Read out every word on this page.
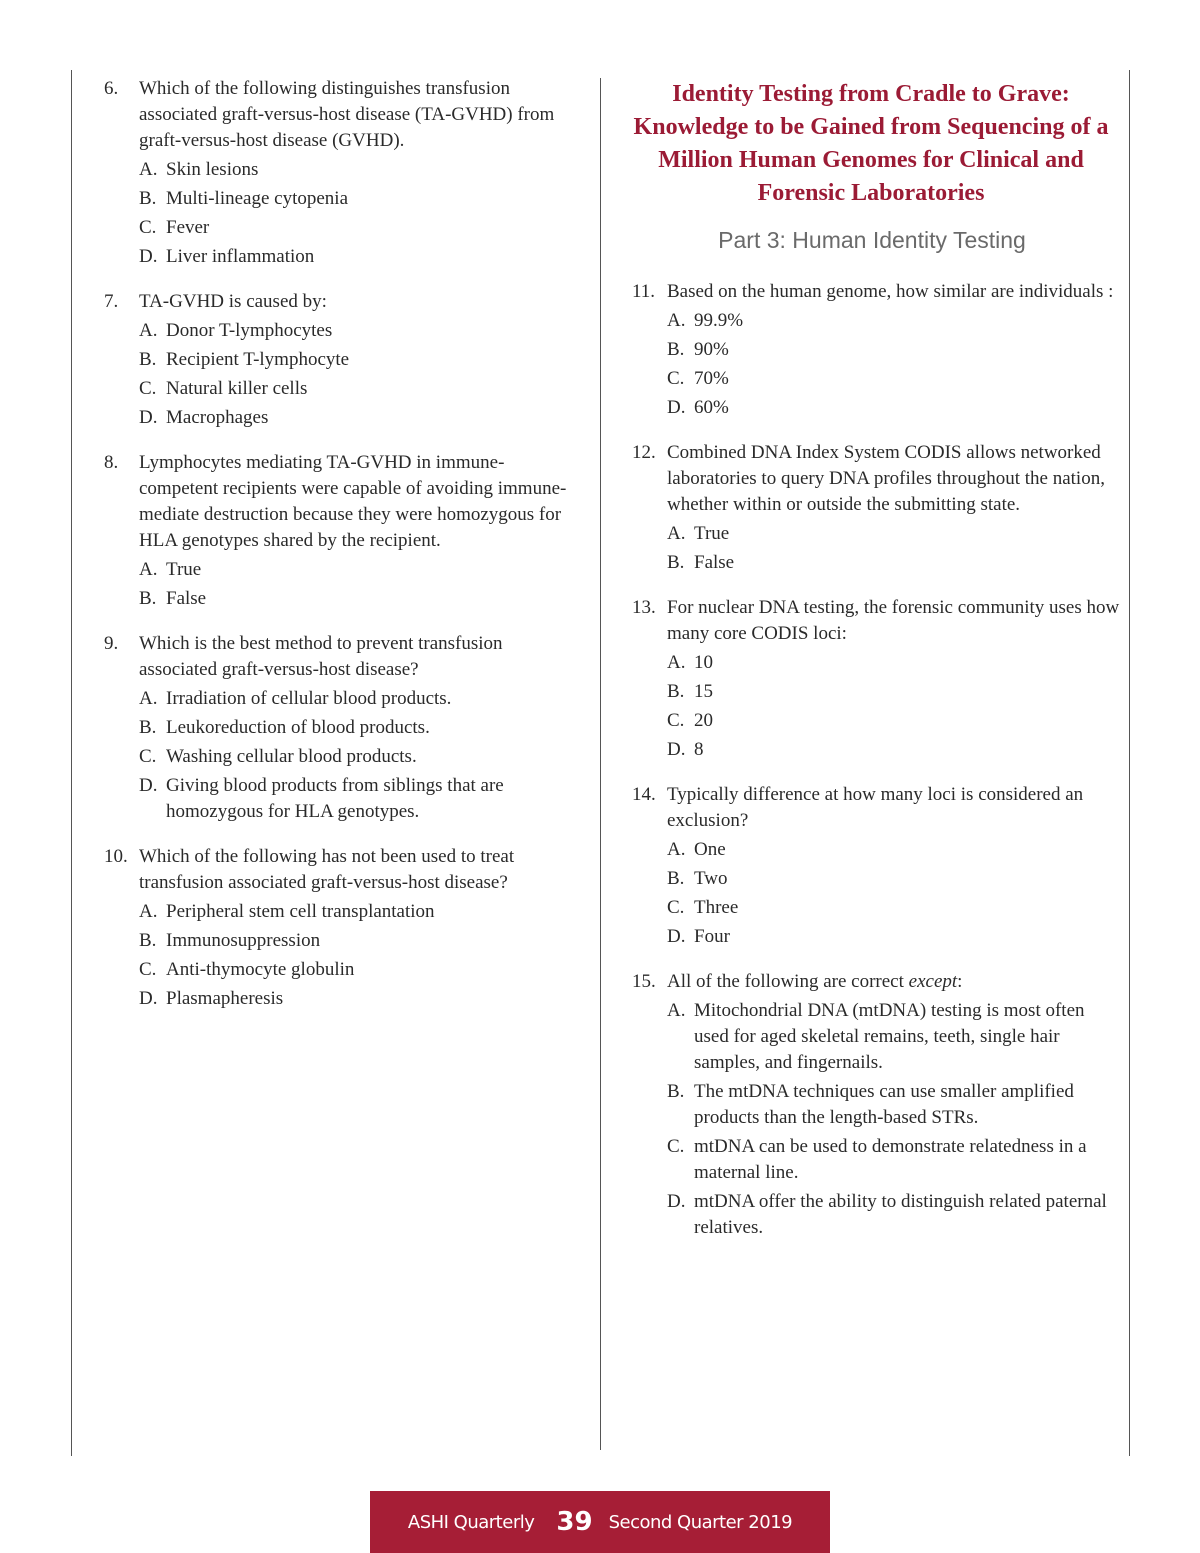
6. Which of the following distinguishes transfusion associated graft-versus-host disease (TA-GVHD) from graft-versus-host disease (GVHD).
A. Skin lesions
B. Multi-lineage cytopenia
C. Fever
D. Liver inflammation
7. TA-GVHD is caused by:
A. Donor T-lymphocytes
B. Recipient T-lymphocyte
C. Natural killer cells
D. Macrophages
8. Lymphocytes mediating TA-GVHD in immune-competent recipients were capable of avoiding immune-mediate destruction because they were homozygous for HLA genotypes shared by the recipient.
A. True
B. False
9. Which is the best method to prevent transfusion associated graft-versus-host disease?
A. Irradiation of cellular blood products.
B. Leukoreduction of blood products.
C. Washing cellular blood products.
D. Giving blood products from siblings that are homozygous for HLA genotypes.
10. Which of the following has not been used to treat transfusion associated graft-versus-host disease?
A. Peripheral stem cell transplantation
B. Immunosuppression
C. Anti-thymocyte globulin
D. Plasmapheresis
Identity Testing from Cradle to Grave: Knowledge to be Gained from Sequencing of a Million Human Genomes for Clinical and Forensic Laboratories
Part 3: Human Identity Testing
11. Based on the human genome, how similar are individuals :
A. 99.9%
B. 90%
C. 70%
D. 60%
12. Combined DNA Index System CODIS allows networked laboratories to query DNA profiles throughout the nation, whether within or outside the submitting state.
A. True
B. False
13. For nuclear DNA testing, the forensic community uses how many core CODIS loci:
A. 10
B. 15
C. 20
D. 8
14. Typically difference at how many loci is considered an exclusion?
A. One
B. Two
C. Three
D. Four
15. All of the following are correct except:
A. Mitochondrial DNA (mtDNA) testing is most often used for aged skeletal remains, teeth, single hair samples, and fingernails.
B. The mtDNA techniques can use smaller amplified products than the length-based STRs.
C. mtDNA can be used to demonstrate relatedness in a maternal line.
D. mtDNA offer the ability to distinguish related paternal relatives.
ASHI Quarterly 39 Second Quarter 2019
